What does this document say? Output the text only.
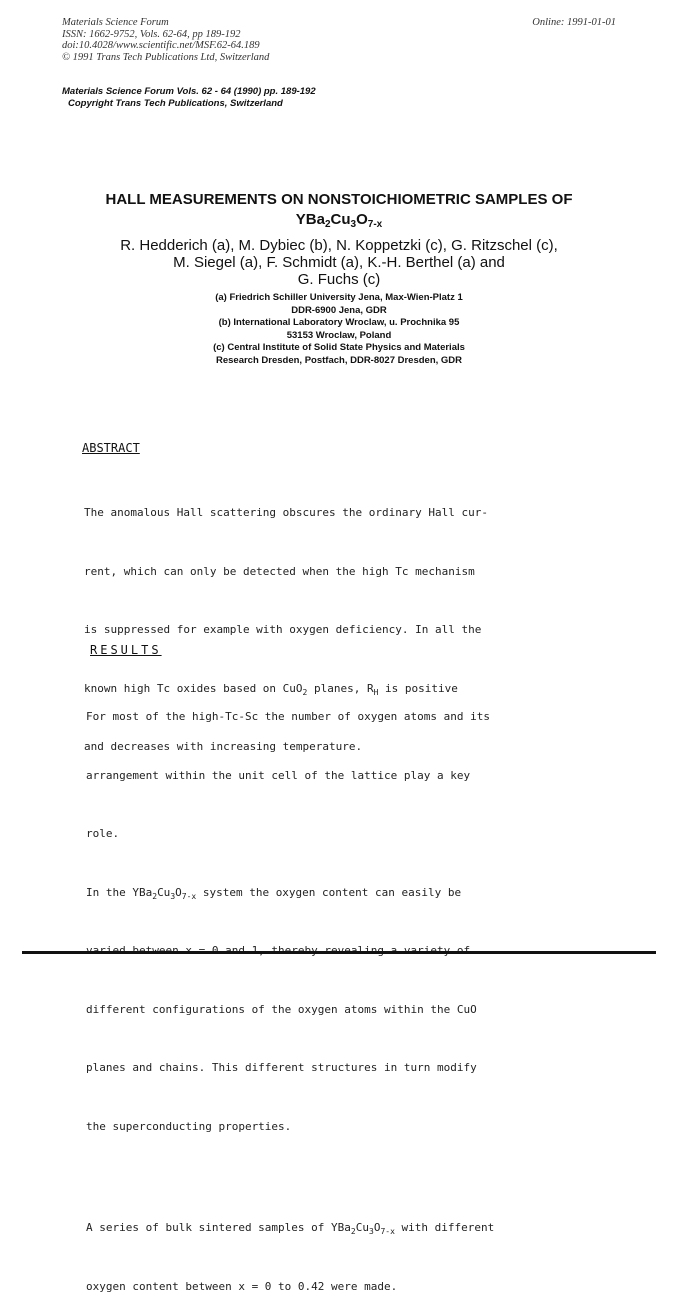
Materials Science Forum
ISSN: 1662-9752, Vols. 62-64, pp 189-192
doi:10.4028/www.scientific.net/MSF.62-64.189
© 1991 Trans Tech Publications Ltd, Switzerland
Online: 1991-01-01
Materials Science Forum Vols. 62 - 64 (1990) pp. 189-192
Copyright Trans Tech Publications, Switzerland
HALL MEASUREMENTS ON NONSTOICHIOMETRIC SAMPLES OF
$YBa_2Cu_3O_{7-x}$
R. Hedderich (a), M. Dybiec (b), N. Koppetzki (c), G. Ritzschel (c),
M. Siegel (a), F. Schmidt (a), K.-H. Berthel (a) and
G. Fuchs (c)
(a) Friedrich Schiller University Jena, Max-Wien-Platz 1
DDR-6900 Jena, GDR
(b) International Laboratory Wroclaw, u. Prochnika 95
53153 Wroclaw, Poland
(c) Central Institute of Solid State Physics and Materials
Research Dresden, Postfach, DDR-8027 Dresden, GDR
ABSTRACT

The anomalous Hall scattering obscures the ordinary Hall cur-

rent, which can only be detected when the high Tc mechanism

is suppressed for example with oxygen deficiency. In all the

known high Tc oxides based on CuO$_2$ planes, $R_H$ is positive

and decreases with increasing temperature.

RESULTS

For most of the high-Tc-Sc the number of oxygen atoms and its

arrangement within the unit cell of the lattice play a key

role.

In the $YBa_2Cu_3O_{7-x}$ system the oxygen content can easily be

different configurations of the oxygen atoms within the CuO

planes and chains. This different structures in turn modify

the superconducting properties.

A series of bulk sintered samples of $YBa_2Cu_3O_{7-x}$ with different

oxygen content between x = 0 to 0.42 were made.
